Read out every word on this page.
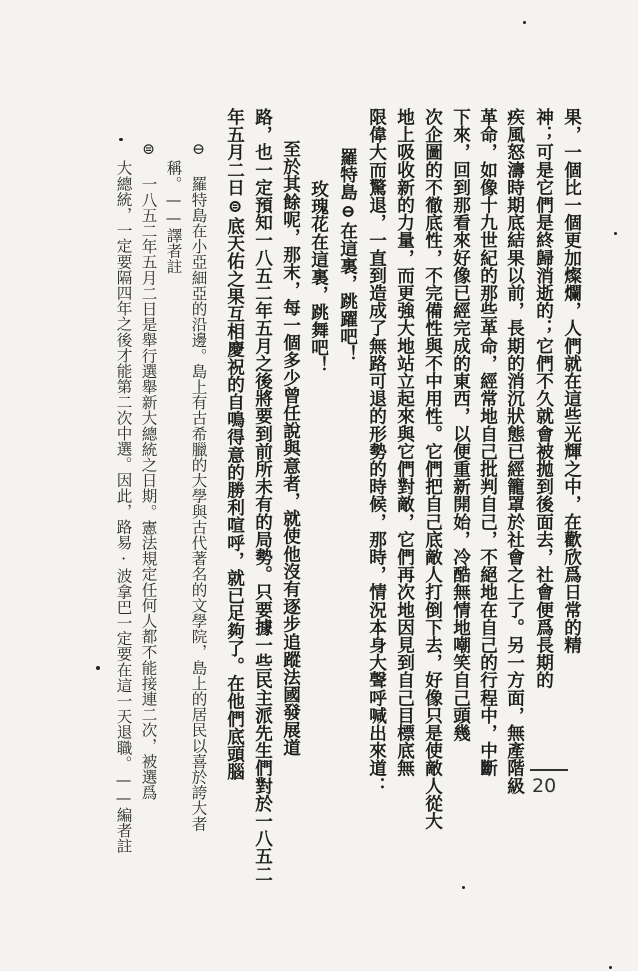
果，一個比一個更加燦爛，人們就在這些光輝之中，在歡欣爲日常的精
神；可是它們是終歸消逝的；它們不久就會被拋到後面去，社會便爲長期的
疾風怒濤時期底結果以前，長期的消沉狀態已經籠罩於社會之上了。另一方面，無產階級
革命，如像十九世紀的那些革命，經常地自己批判自己，不絕地在自己的行程中，中斷
下來，回到那看來好像已經完成的東西，以便重新開始，冷酷無情地嘲笑自己頭幾
次企圖的不徹底性，不完備性與不中用性。它們把自己底敵人打倒下去，好像只是使敵人從大
地上吸收新的力量，而更強大地站立起來與它們對敵，它們再次地因見到自己目標底無
限偉大而驚退，一直到造成了無路可退的形勢的時候，那時，情況本身大聲呼喊出來道：
羅特島⊖在這裏，跳躍吧！
玫瑰花在這裏，跳舞吧！
至於其餘呢，那末，每一個多少曾任說與意者，就使他沒有逐步追蹤法國發展道
路，也一定預知一八五二年五月之後將要到前所未有的局勢。只要據一些民主派先生們對於一八五二
年五月二日⊜底天佑之果互相慶祝的自鳴得意的勝利喧呼，就已足夠了。在他們底頭腦
⊖ 羅特島在小亞細亞的沿邊。島上有古希臘的大學與古代著名的文學院，島上的居民以喜於誇大者
稱。——譯者註
⊜ 一八五二年五月二日是舉行選舉新大總統之日期。憲法規定任何人都不能接連二次，被選爲
大總統，一定要隔四年之後才能第二次中選。因此，路易·波拿巴一定要在這一天退職。——編者註	20
